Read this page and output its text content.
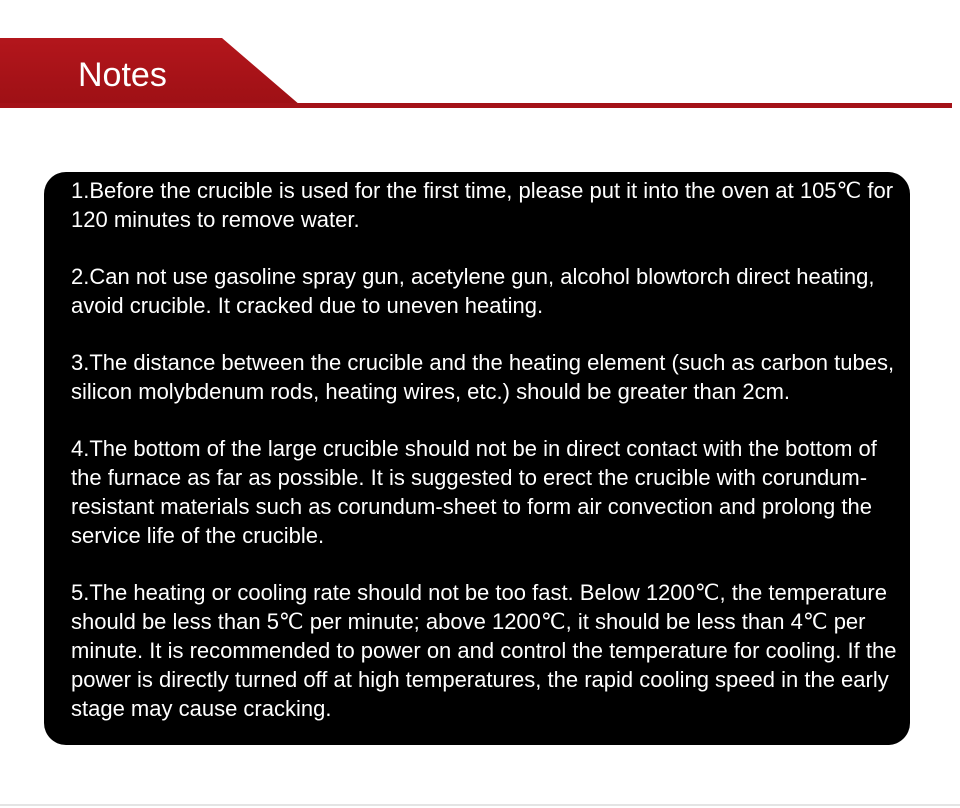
Notes

1.Before the crucible is used for the first time, please put it into the oven at 105℃ for 120 minutes to remove water.

2.Can not use gasoline spray gun, acetylene gun, alcohol blowtorch direct heating, avoid crucible. It cracked due to uneven heating.

3.The distance between the crucible and the heating element (such as carbon tubes, silicon molybdenum rods, heating wires, etc.) should be greater than 2cm.

4.The bottom of the large crucible should not be in direct contact with the bottom of the furnace as far as possible. It is suggested to erect the crucible with corundum-resistant materials such as corundum-sheet to form air convection and prolong the service life of the crucible.

5.The heating or cooling rate should not be too fast. Below 1200℃, the temperature should be less than 5℃ per minute; above 1200℃, it should be less than 4℃ per minute. It is recommended to power on and control the temperature for cooling. If the power is directly turned off at high temperatures, the rapid cooling speed in the early stage may cause cracking.
